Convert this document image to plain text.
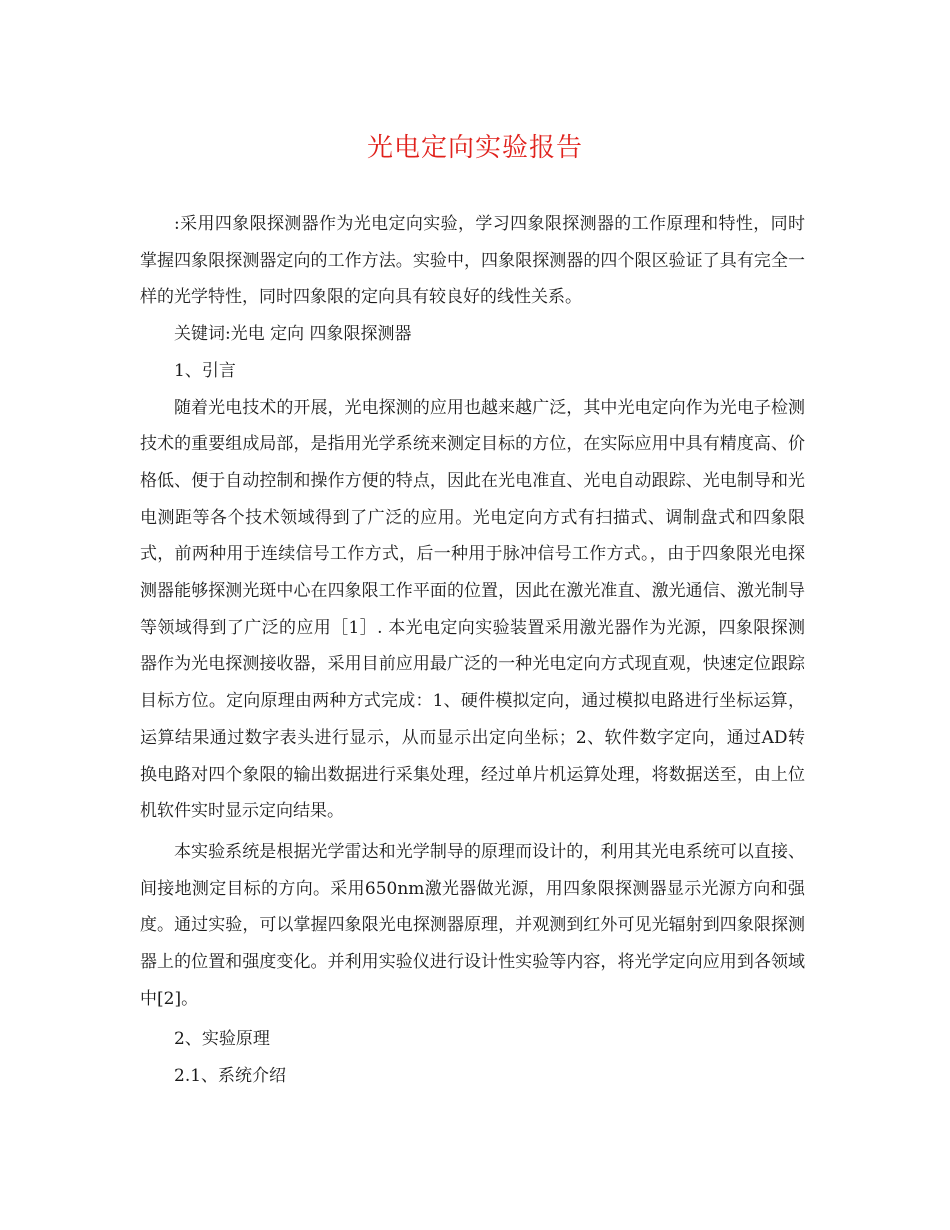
光电定向实验报告

:采用四象限探测器作为光电定向实验，学习四象限探测器的工作原理和特性，同时掌握四象限探测器定向的工作方法。实验中，四象限探测器的四个限区验证了具有完全一样的光学特性，同时四象限的定向具有较良好的线性关系。

关键词:光电 定向 四象限探测器

1、引言

随着光电技术的开展，光电探测的应用也越来越广泛，其中光电定向作为光电子检测技术的重要组成局部，是指用光学系统来测定目标的方位，在实际应用中具有精度高、价格低、便于自动控制和操作方便的特点，因此在光电准直、光电自动跟踪、光电制导和光电测距等各个技术领域得到了广泛的应用。光电定向方式有扫描式、调制盘式和四象限式，前两种用于连续信号工作方式，后一种用于脉冲信号工作方式。，由于四象限光电探测器能够探测光斑中心在四象限工作平面的位置，因此在激光准直、激光通信、激光制导等领域得到了广泛的应用［1］. 本光电定向实验装置采用激光器作为光源，四象限探测器作为光电探测接收器，采用目前应用最广泛的一种光电定向方式现直观，快速定位跟踪目标方位。定向原理由两种方式完成：1、硬件模拟定向，通过模拟电路进行坐标运算，运算结果通过数字表头进行显示，从而显示出定向坐标；2、软件数字定向，通过AD转换电路对四个象限的输出数据进行采集处理，经过单片机运算处理，将数据送至，由上位机软件实时显示定向结果。

本实验系统是根据光学雷达和光学制导的原理而设计的，利用其光电系统可以直接、间接地测定目标的方向。采用650nm激光器做光源，用四象限探测器显示光源方向和强度。通过实验，可以掌握四象限光电探测器原理，并观测到红外可见光辐射到四象限探测器上的位置和强度变化。并利用实验仪进行设计性实验等内容，将光学定向应用到各领域中[2]。

2、实验原理

2.1、系统介绍
